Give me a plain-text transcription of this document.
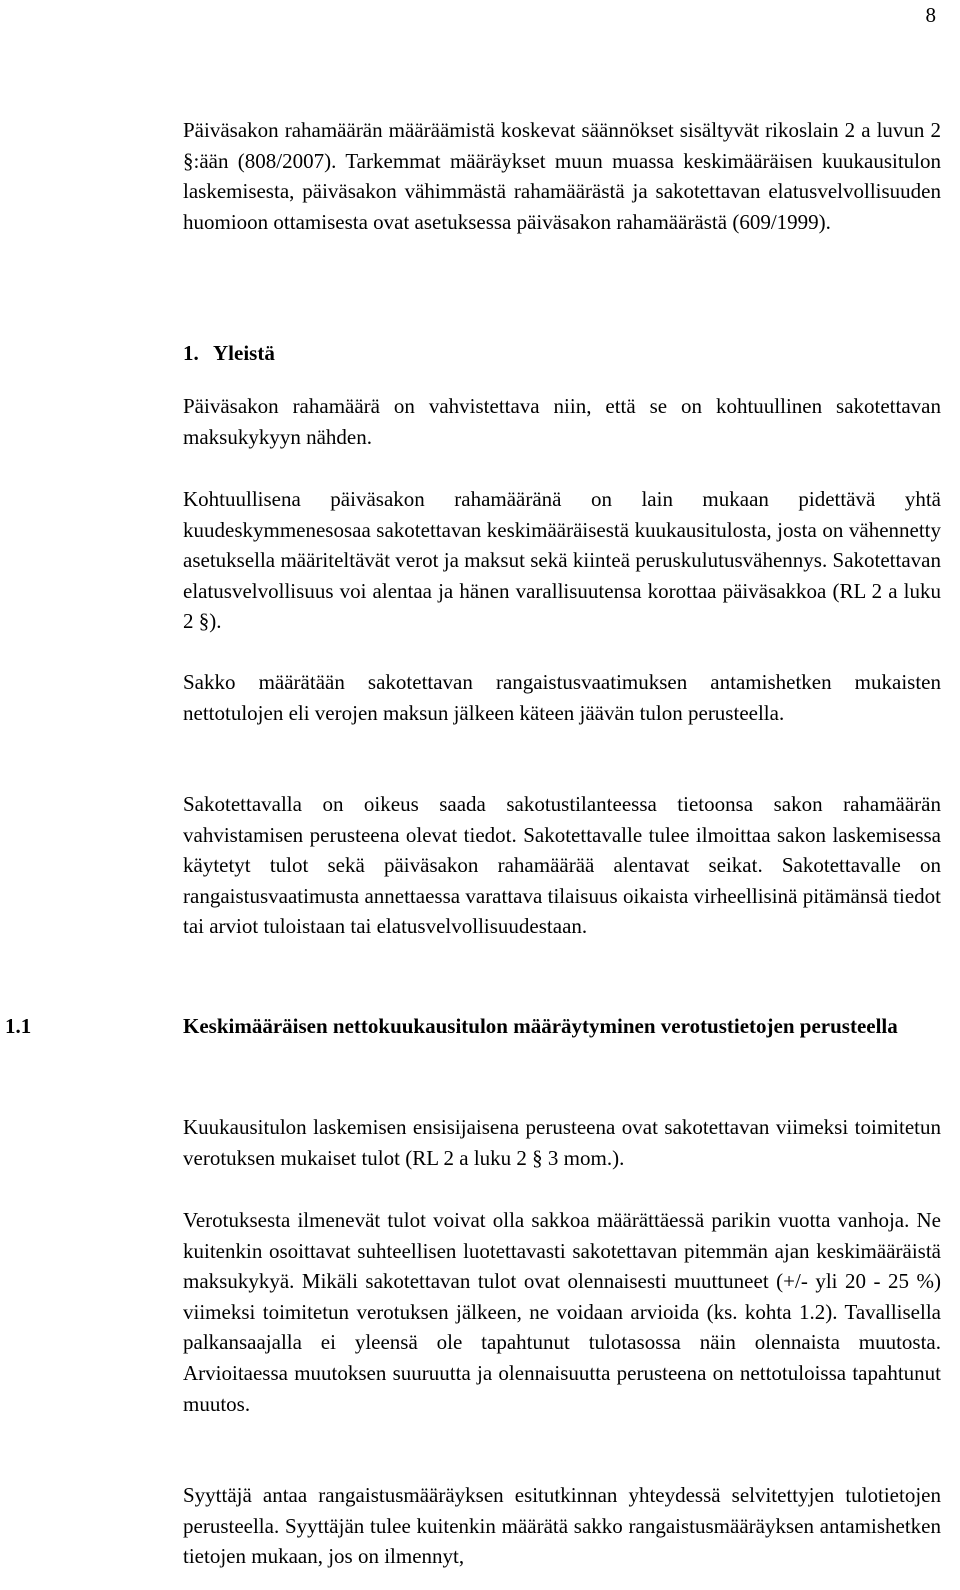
8

Päiväsakon rahamäärän määräämistä koskevat säännökset sisältyvät rikoslain 2 a luvun 2 §:ään (808/2007). Tarkemmat määräykset muun muassa keskimääräisen kuukausitulon laskemisesta, päiväsakon vähimmästä rahamäärästä ja sakotettavan elatusvelvollisuuden huomioon ottamisesta ovat asetuksessa päiväsakon rahamäärästä (609/1999).

1. Yleistä

Päiväsakon rahamäärä on vahvistettava niin, että se on kohtuullinen sakotettavan maksukykyyn nähden.

Kohtuullisena päiväsakon rahamääränä on lain mukaan pidettävä yhtä kuudeskymmenesosaa sakotettavan keskimääräisestä kuukausitulosta, josta on vähennetty asetuksella määriteltävät verot ja maksut sekä kiinteä peruskulutusvähennys. Sakotettavan elatusvelvollisuus voi alentaa ja hänen varallisuutensa korottaa päiväsakkoa (RL 2 a luku 2 §).

Sakko määrätään sakotettavan rangaistusvaatimuksen antamishetken mukaisten nettotulojen eli verojen maksun jälkeen käteen jäävän tulon perusteella.

Sakotettavalla on oikeus saada sakotustilanteessa tietoonsa sakon rahamäärän vahvistamisen perusteena olevat tiedot. Sakotettavalle tulee ilmoittaa sakon laskemisessa käytetyt tulot sekä päiväsakon rahamäärää alentavat seikat. Sakotettavalle on rangaistusvaatimusta annettaessa varattava tilaisuus oikaista virheellisinä pitämänsä tiedot tai arviot tuloistaan tai elatusvelvollisuudestaan.

1.1	Keskimääräisen nettokuukausitulon määräytyminen verotustietojen perusteella

Kuukausitulon laskemisen ensisijaisena perusteena ovat sakotettavan viimeksi toimitetun verotuksen mukaiset tulot (RL 2 a luku 2 § 3 mom.).

Verotuksesta ilmenevät tulot voivat olla sakkoa määrättäessä parikin vuotta vanhoja. Ne kuitenkin osoittavat suhteellisen luotettavasti sakotettavan pitemmän ajan keskimääräistä maksukykyä. Mikäli sakotettavan tulot ovat olennaisesti muuttuneet (+/- yli 20 - 25 %) viimeksi toimitetun verotuksen jälkeen, ne voidaan arvioida (ks. kohta 1.2). Tavallisella palkansaajalla ei yleensä ole tapahtunut tulotasossa näin olennaista muutosta. Arvioitaessa muutoksen suuruutta ja olennaisuutta perusteena on nettotuloissa tapahtunut muutos.

Syyttäjä antaa rangaistusmääräyksen esitutkinnan yhteydessä selvitettyjen tulotietojen perusteella. Syyttäjän tulee kuitenkin määrätä sakko rangaistusmääräyksen antamishetken tietojen mukaan, jos on ilmennyt,
